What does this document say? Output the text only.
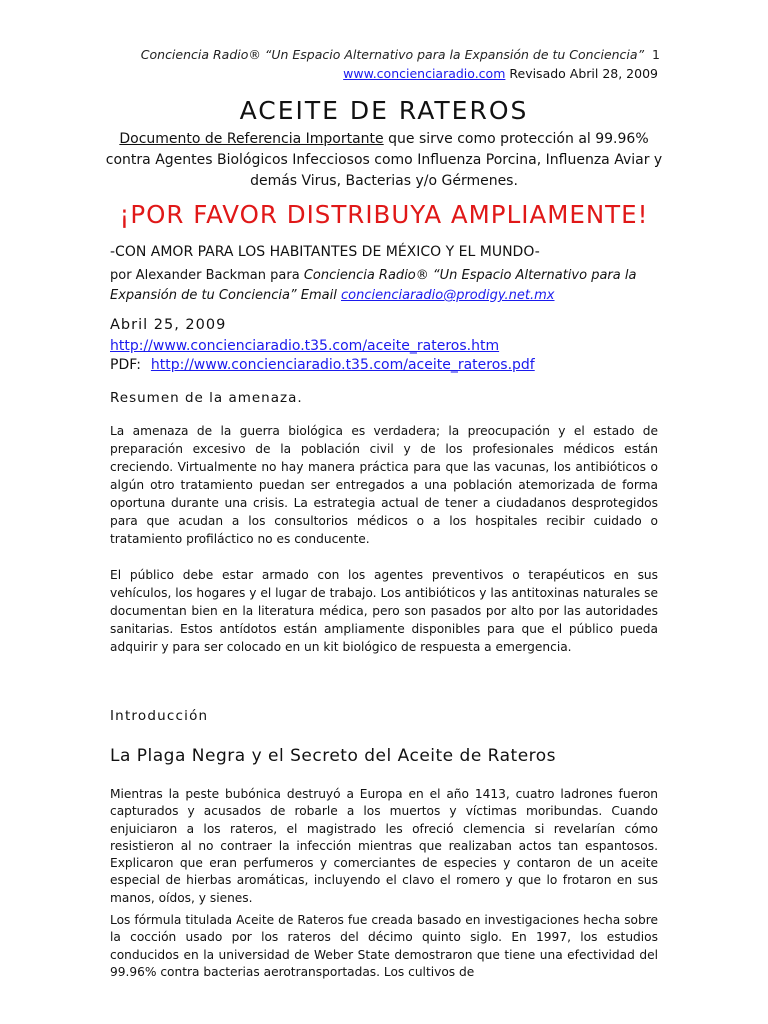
Conciencia Radio® “Un Espacio Alternativo para la Expansión de tu Conciencia” 1
www.concienciaradio.com Revisado Abril 28, 2009
ACEITE DE RATEROS
Documento de Referencia Importante que sirve como protección al 99.96% contra Agentes Biológicos Infecciosos como Influenza Porcina, Influenza Aviar y demás Virus, Bacterias y/o Gérmenes.
¡POR FAVOR DISTRIBUYA AMPLIAMENTE!
-CON AMOR PARA LOS HABITANTES DE MÉXICO Y EL MUNDO-
por Alexander Backman para Conciencia Radio® “Un Espacio Alternativo para la Expansión de tu Conciencia” Email concienciaradio@prodigy.net.mx
Abril 25, 2009
http://www.concienciaradio.t35.com/aceite_rateros.htm
PDF: http://www.concienciaradio.t35.com/aceite_rateros.pdf
Resumen de la amenaza.
La amenaza de la guerra biológica es verdadera; la preocupación y el estado de preparación excesivo de la población civil y de los profesionales médicos están creciendo. Virtualmente no hay manera práctica para que las vacunas, los antibióticos o algún otro tratamiento puedan ser entregados a una población atemorizada de forma oportuna durante una crisis. La estrategia actual de tener a ciudadanos desprotegidos para que acudan a los consultorios médicos o a los hospitales recibir cuidado o tratamiento profiláctico no es conducente.
El público debe estar armado con los agentes preventivos o terapéuticos en sus vehículos, los hogares y el lugar de trabajo. Los antibióticos y las antitoxinas naturales se documentan bien en la literatura médica, pero son pasados por alto por las autoridades sanitarias. Estos antídotos están ampliamente disponibles para que el público pueda adquirir y para ser colocado en un kit biológico de respuesta a emergencia.
Introducción
La Plaga Negra y el Secreto del Aceite de Rateros
Mientras la peste bubónica destruyó a Europa en el año 1413, cuatro ladrones fueron capturados y acusados de robarle a los muertos y víctimas moribundas. Cuando enjuiciaron a los rateros, el magistrado les ofreció clemencia si revelarían cómo resistieron al no contraer la infección mientras que realizaban actos tan espantosos. Explicaron que eran perfumeros y comerciantes de especies y contaron de un aceite especial de hierbas aromáticas, incluyendo el clavo el romero y que lo frotaron en sus manos, oídos, y sienes.
Los fórmula titulada Aceite de Rateros fue creada basado en investigaciones hecha sobre la cocción usado por los rateros del décimo quinto siglo. En 1997, los estudios conducidos en la universidad de Weber State demostraron que tiene una efectividad del 99.96% contra bacterias aerotransportadas. Los cultivos de
